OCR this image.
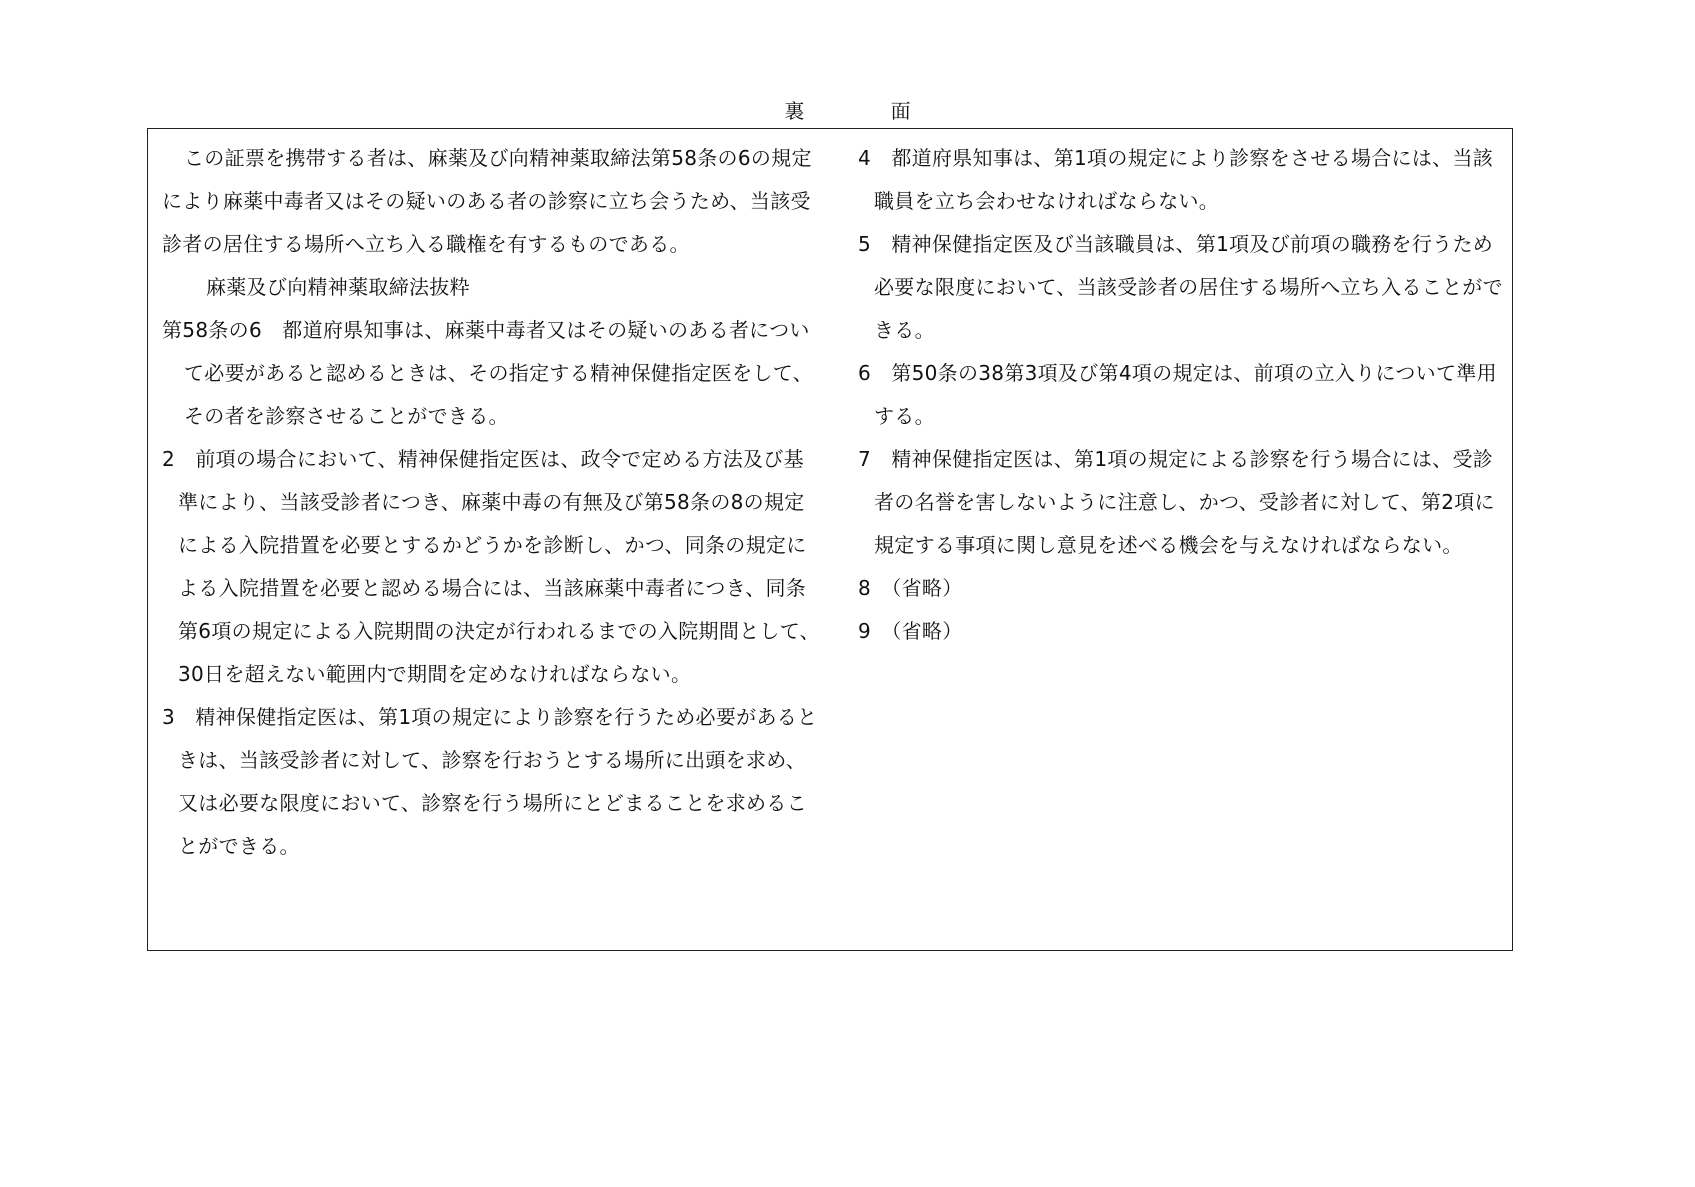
裏 面

この証票を携帯する者は、麻薬及び向精神薬取締法第58条の6の規定により麻薬中毒者又はその疑いのある者の診察に立ち会うため、当該受診者の居住する場所へ立ち入る職権を有するものである。

麻薬及び向精神薬取締法抜粋

第58条の6　都道府県知事は、麻薬中毒者又はその疑いのある者について必要があると認めるときは、その指定する精神保健指定医をして、その者を診察させることができる。

2　前項の場合において、精神保健指定医は、政令で定める方法及び基準により、当該受診者につき、麻薬中毒の有無及び第58条の8の規定による入院措置を必要とするかどうかを診断し、かつ、同条の規定による入院措置を必要と認める場合には、当該麻薬中毒者につき、同条第6項の規定による入院期間の決定が行われるまでの入院期間として、30日を超えない範囲内で期間を定めなければならない。

3　精神保健指定医は、第1項の規定により診察を行うため必要があるときは、当該受診者に対して、診察を行おうとする場所に出頭を求め、又は必要な限度において、診察を行う場所にとどまることを求めることができる。

4　都道府県知事は、第1項の規定により診察をさせる場合には、当該職員を立ち会わせなければならない。

5　精神保健指定医及び当該職員は、第1項及び前項の職務を行うため必要な限度において、当該受診者の居住する場所へ立ち入ることができる。

6　第50条の38第3項及び第4項の規定は、前項の立入りについて準用する。

7　精神保健指定医は、第1項の規定による診察を行う場合には、受診者の名誉を害しないように注意し、かつ、受診者に対して、第2項に規定する事項に関し意見を述べる機会を与えなければならない。

8　（省略）

9　（省略）
